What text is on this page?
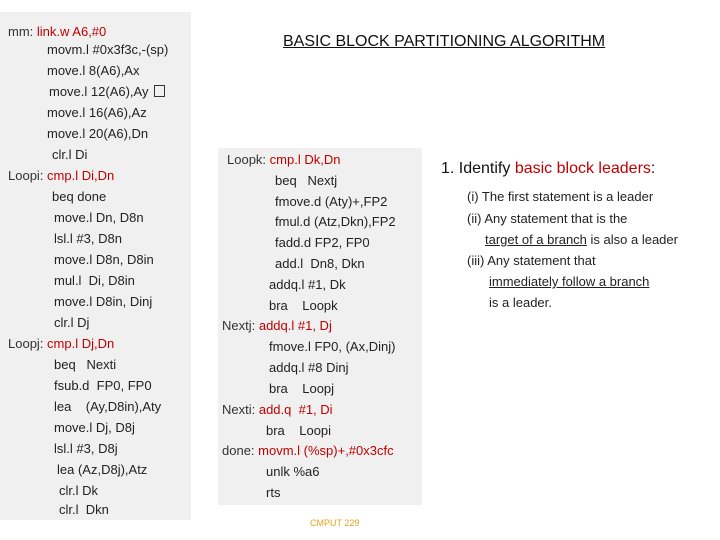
BASIC BLOCK PARTITIONING ALGORITHM
mm: link.w A6,#0
movm.l #0x3f3c,-(sp)
move.l 8(A6),Ax
move.l 12(A6),Ay
move.l 16(A6),Az
move.l 20(A6),Dn
clr.l Di
Loopi: cmp.l Di,Dn
beq done
move.l Dn, D8n
lsl.l #3, D8n
move.l D8n, D8in
mul.l  Di, D8in
move.l D8in, Dinj
clr.l Dj
Loopj: cmp.l Dj,Dn
beq   Nexti
fsub.d  FP0, FP0
lea    (Ay,D8in),Aty
move.l Dj, D8j
lsl.l #3, D8j
lea (Az,D8j),Atz
clr.l Dk
clr.l  Dkn
Loopk: cmp.l Dk,Dn
beq   Nextj
fmove.d (Aty)+,FP2
fmul.d (Atz,Dkn),FP2
fadd.d FP2, FP0
add.l  Dn8, Dkn
addq.l #1, Dk
bra    Loopk
Nextj: addq.l #1, Dj
fmove.l FP0, (Ax,Dinj)
addq.l #8 Dinj
bra    Loopj
Nexti: add.q  #1, Di
bra    Loopi
done: movm.l (%sp)+,#0x3cfc
unlk %a6
rts
1. Identify basic block leaders:
(i) The first statement is a leader
(ii) Any statement that is the
target of a branch is also a leader
(iii) Any statement that
immediately follow a branch
is a leader.
CMPUT 229
